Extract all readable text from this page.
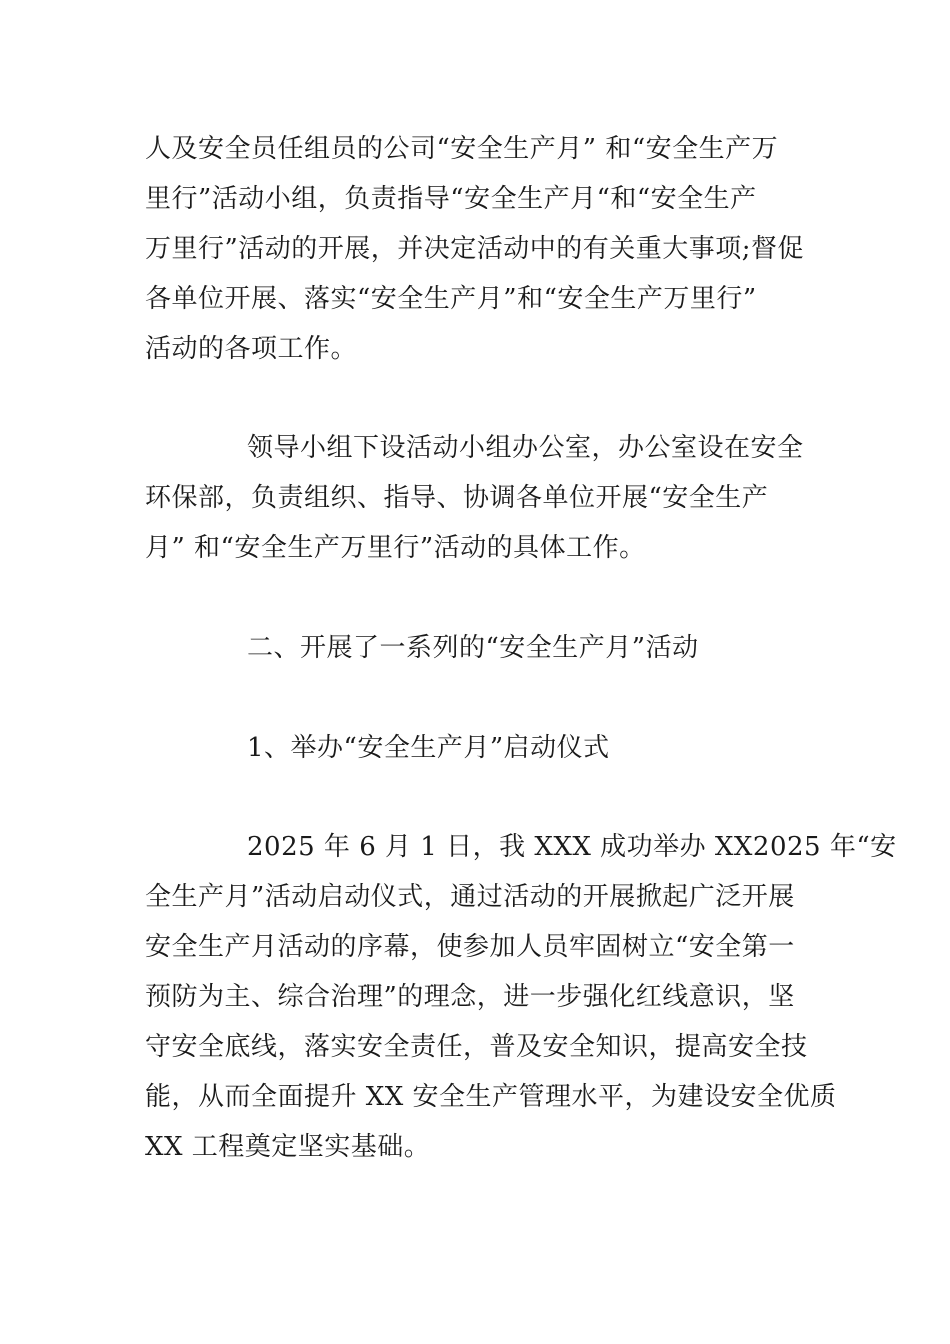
人及安全员任组员的公司“安全生产月” 和“安全生产万
里行”活动小组，负责指导“安全生产月“和“安全生产
万里行”活动的开展，并决定活动中的有关重大事项;督促
各单位开展、落实“安全生产月”和“安全生产万里行”
活动的各项工作。
领导小组下设活动小组办公室，办公室设在安全
环保部，负责组织、指导、协调各单位开展“安全生产
月” 和“安全生产万里行”活动的具体工作。
二、开展了一系列的“安全生产月”活动
1、举办“安全生产月”启动仪式
2025 年 6 月 1 日，我 XXX 成功举办 XX2025 年“安
全生产月”活动启动仪式，通过活动的开展掀起广泛开展
安全生产月活动的序幕，使参加人员牢固树立“安全第一
预防为主、综合治理”的理念，进一步强化红线意识，坚
守安全底线，落实安全责任，普及安全知识，提高安全技
能，从而全面提升 XX 安全生产管理水平，为建设安全优质
XX 工程奠定坚实基础。
